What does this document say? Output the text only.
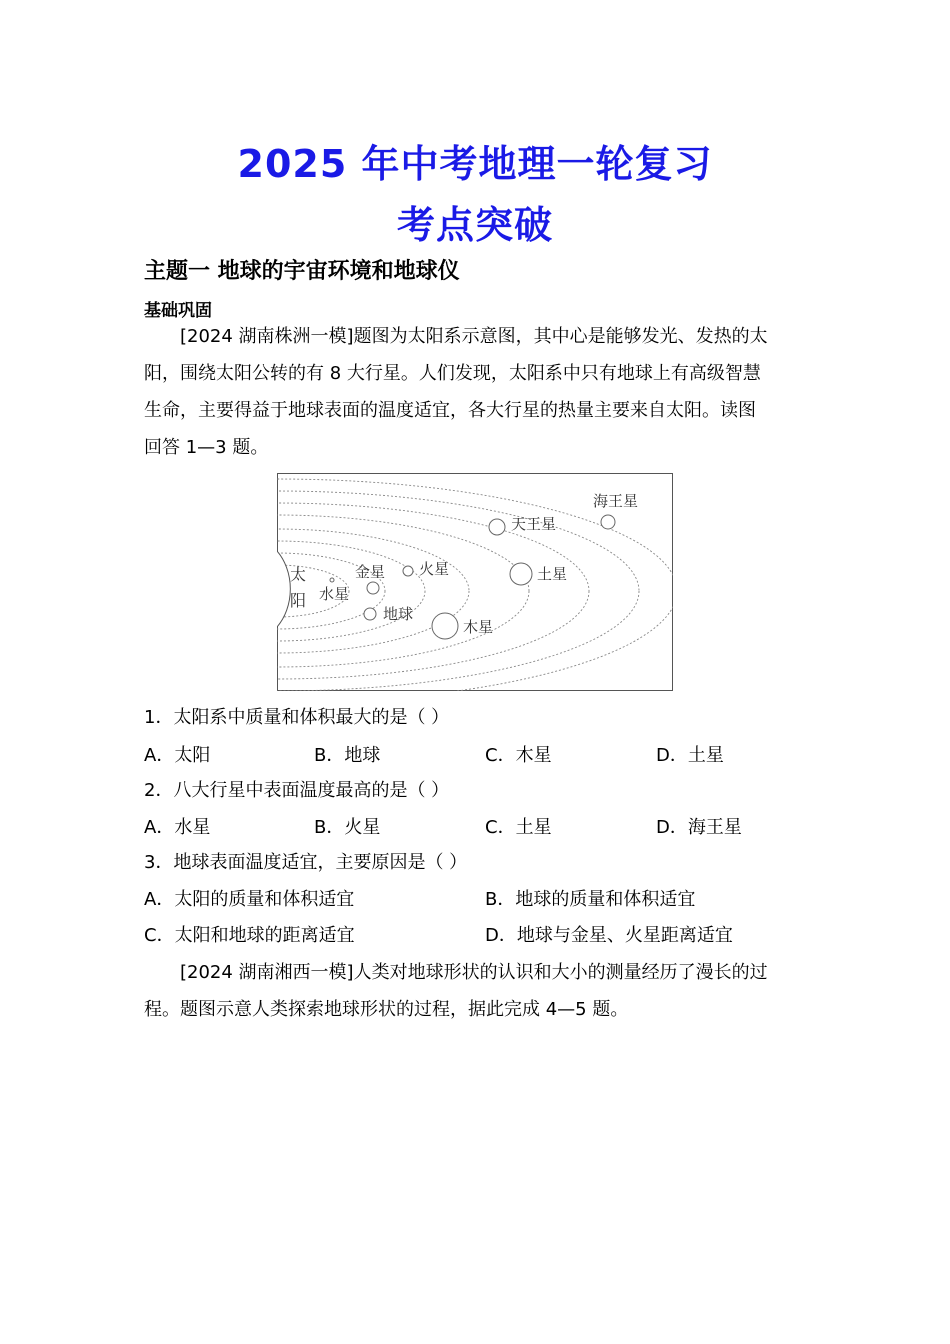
2025 年中考地理一轮复习
考点突破
主题一 地球的宇宙环境和地球仪
基础巩固

[2024 湖南株洲一模]题图为太阳系示意图，其中心是能够发光、发热的太

阳，围绕太阳公转的有 8 大行星。人们发现，太阳系中只有地球上有高级智慧

生命，主要得益于地球表面的温度适宜，各大行星的热量主要来自太阳。读图

回答 1—3 题。

太
阳 水星
金星
地球
火星
木星
土星
天王星
海王星
1．太阳系中质量和体积最大的是（ ）
A．太阳	B．地球	C．木星	D．土星
2．八大行星中表面温度最高的是（ ）
A．水星	B．火星	C．土星	D．海王星
3．地球表面温度适宜，主要原因是（ ）
A．太阳的质量和体积适宜	B．地球的质量和体积适宜
C．太阳和地球的距离适宜	D．地球与金星、火星距离适宜

[2024 湖南湘西一模]人类对地球形状的认识和大小的测量经历了漫长的过

程。题图示意人类探索地球形状的过程，据此完成 4—5 题。
